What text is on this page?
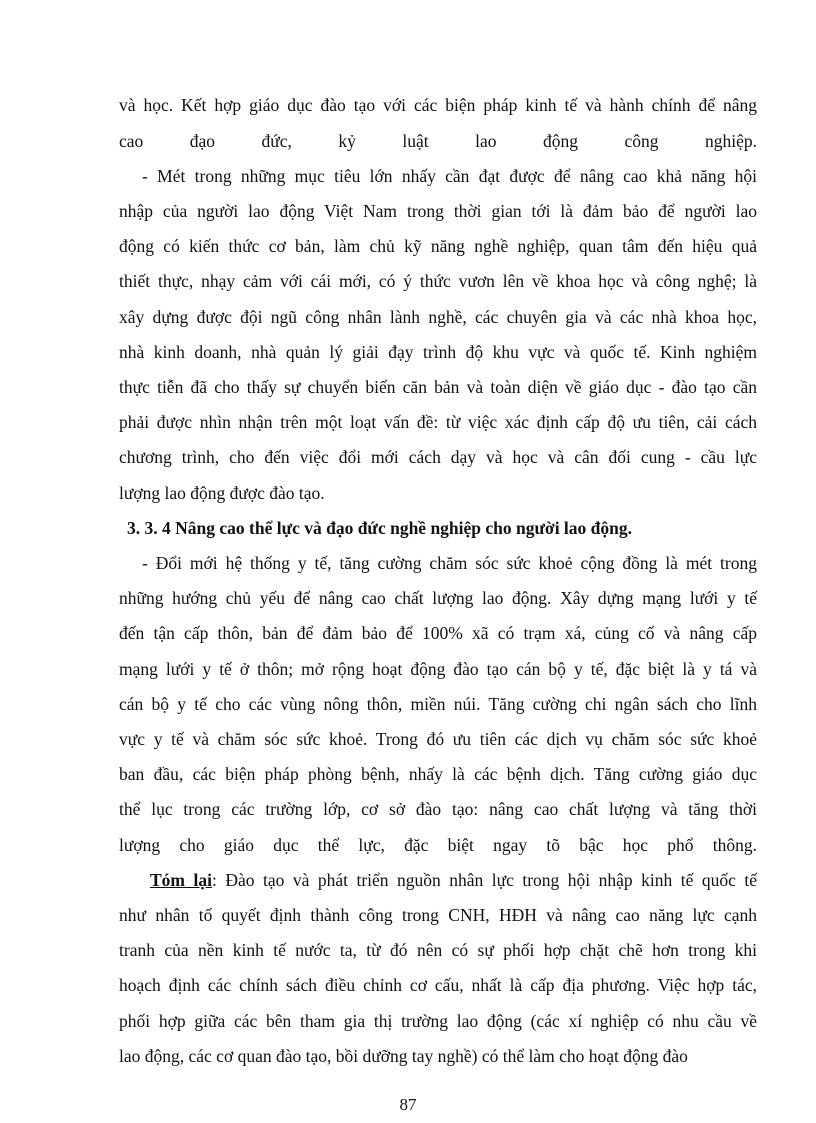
và học. Kết hợp giáo dục đào tạo với các biện pháp kinh tế và hành chính để nâng
cao đạo đức, kỷ luật lao động công nghiệp.
- Mét trong những mục tiêu lớn nhấy cần đạt được để nâng cao khả năng hội
nhập của người lao động Việt Nam trong thời gian tới là đảm bảo để người lao
động có kiến thức cơ bản, làm chủ kỹ năng nghề nghiệp, quan tâm đến hiệu quả
thiết thực, nhạy cảm với cái mới, có ý thức vươn lên về khoa học và công nghệ; là
xây dựng được đội ngũ công nhân lành nghề, các chuyên gia và các nhà khoa học,
nhà kinh doanh, nhà quản lý giải đạy trình độ khu vực và quốc tế. Kinh nghiệm
thực tiễn đã cho thấy sự chuyển biến căn bản và toàn diện về giáo dục - đào tạo cần
phải được nhìn nhận trên một loạt vấn đề: từ việc xác định cấp độ ưu tiên, cải cách
chương trình, cho đến việc đổi mới cách dạy và học và cân đối cung - cầu lực
lượng lao động được đào tạo.
3. 3. 4 Nâng cao thể lực và đạo đức nghề nghiệp cho người lao động.
- Đổi mới hệ thống y tế, tăng cường chăm sóc sức khoẻ cộng đồng là mét trong
những hướng chủ yếu để nâng cao chất lượng lao động. Xây dựng mạng lưới y tế
đến tận cấp thôn, bản để đảm bảo để 100% xã có trạm xá, củng cố và nâng cấp
mạng lưới y tế ở thôn; mở rộng hoạt động đào tạo cán bộ y tế, đặc biệt là y tá và
cán bộ y tế cho các vùng nông thôn, miền núi. Tăng cường chi ngân sách cho lĩnh
vực y tế và chăm sóc sức khoẻ. Trong đó ưu tiên các dịch vụ chăm sóc sức khoẻ
ban đầu, các biện pháp phòng bệnh, nhấy là các bệnh dịch. Tăng cường giáo dục
thể lục trong các trường lớp, cơ sở đào tạo: nâng cao chất lượng và tăng thời
lượng cho giáo dục thể lực, đặc biệt ngay tõ bậc học phổ thông.
Tóm lại: Đào tạo và phát triển nguồn nhân lực trong hội nhập kinh tế quốc tế
như nhân tố quyết định thành công trong CNH, HĐH và nâng cao năng lực cạnh
tranh của nền kinh tế nước ta, từ đó nên có sự phối hợp chặt chẽ hơn trong khi
hoạch định các chính sách điều chỉnh cơ cấu, nhất là cấp địa phương. Việc hợp tác,
phối hợp giữa các bên tham gia thị trường lao động (các xí nghiệp có nhu cầu về
lao động, các cơ quan đào tạo, bồi dưỡng tay nghề) có thể làm cho hoạt động đào
87
